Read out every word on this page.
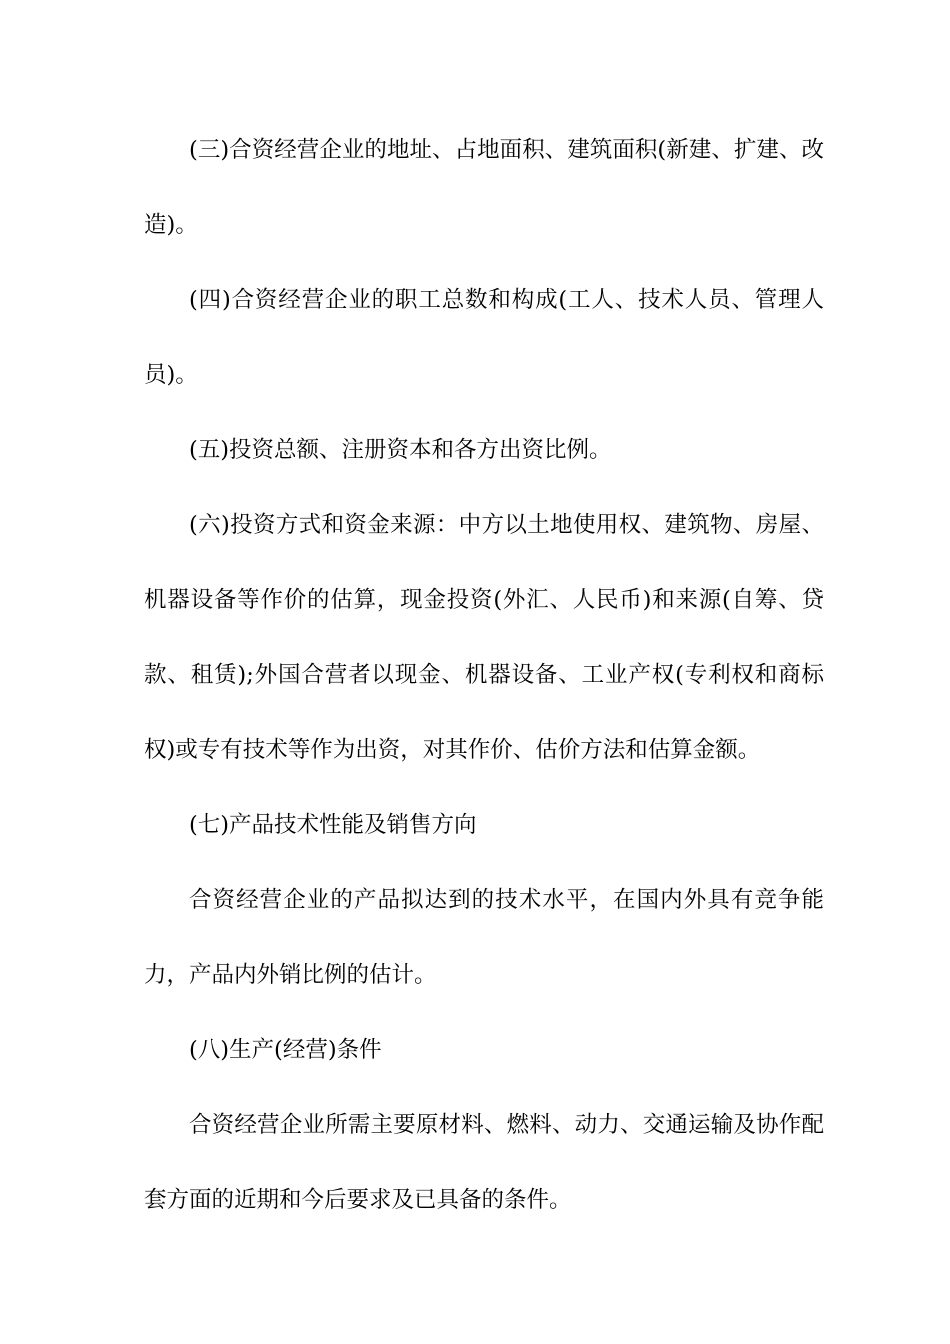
(三)合资经营企业的地址、占地面积、建筑面积(新建、扩建、改造)。

(四)合资经营企业的职工总数和构成(工人、技术人员、管理人员)。

(五)投资总额、注册资本和各方出资比例。

(六)投资方式和资金来源：中方以土地使用权、建筑物、房屋、机器设备等作价的估算，现金投资(外汇、人民币)和来源(自筹、贷款、租赁);外国合营者以现金、机器设备、工业产权(专利权和商标权)或专有技术等作为出资，对其作价、估价方法和估算金额。

(七)产品技术性能及销售方向

合资经营企业的产品拟达到的技术水平，在国内外具有竞争能力，产品内外销比例的估计。

(八)生产(经营)条件

合资经营企业所需主要原材料、燃料、动力、交通运输及协作配套方面的近期和今后要求及已具备的条件。
